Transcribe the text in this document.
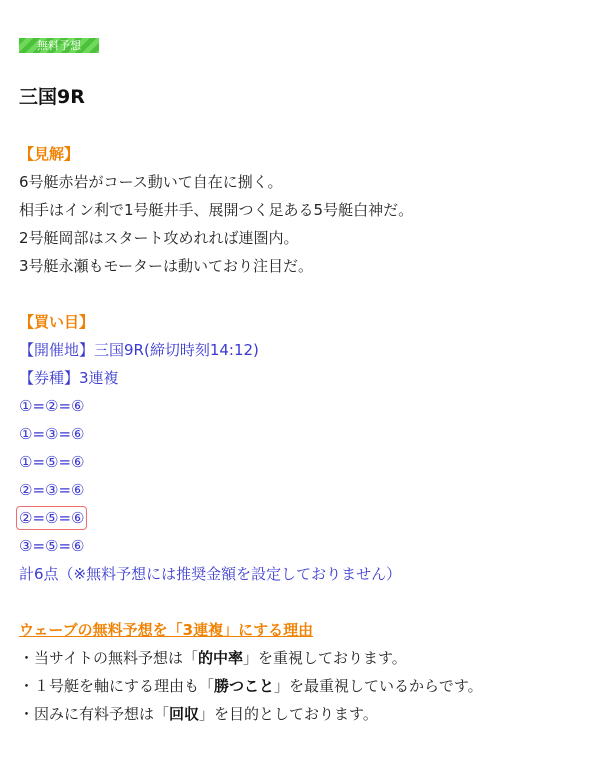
無料予想
三国9R
【見解】
6号艇赤岩がコース動いて自在に捌く。
相手はイン利で1号艇井手、展開つく足ある5号艇白神だ。
2号艇岡部はスタート攻めれれば連圏内。
3号艇永瀬もモーターは動いており注目だ。
【買い目】
【開催地】三国9R(締切時刻14:12)
【券種】3連複
①=②=⑥
①=③=⑥
①=⑤=⑥
②=③=⑥
②=⑤=⑥
③=⑤=⑥
計6点（※無料予想には推奨金額を設定しておりません）
ウェーブの無料予想を「3連複」にする理由
・当サイトの無料予想は「的中率」を重視しております。
・１号艇を軸にする理由も「勝つこと」を最重視しているからです。
・因みに有料予想は「回収」を目的としております。
